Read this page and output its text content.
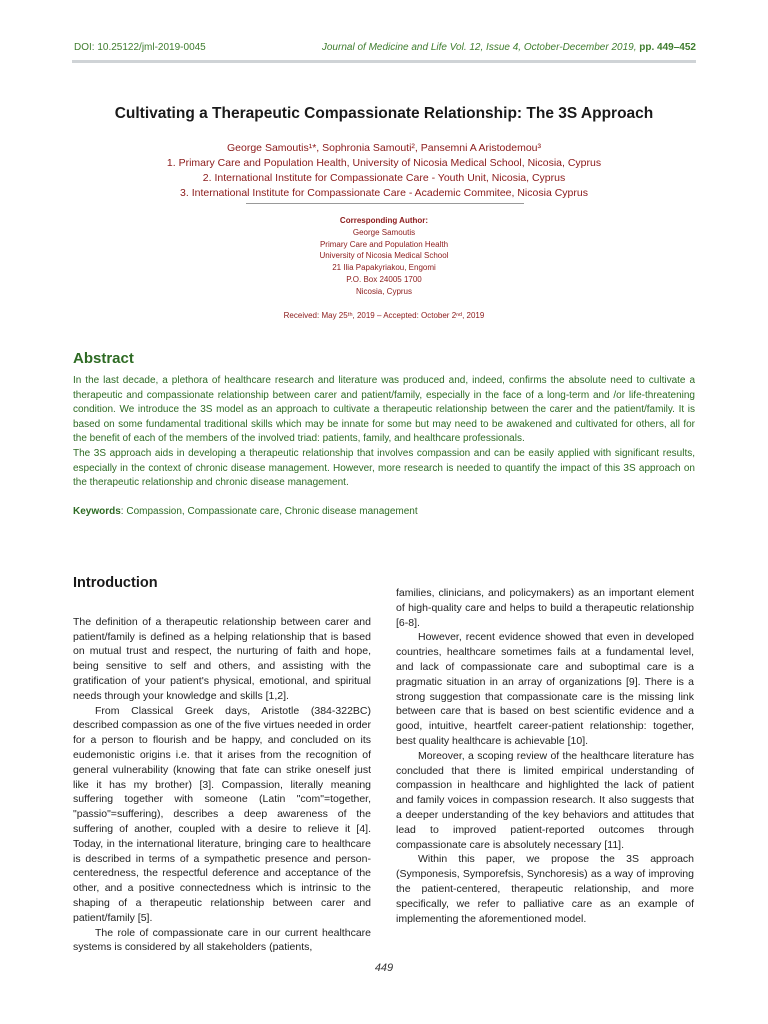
DOI: 10.25122/jml-2019-0045	Journal of Medicine and Life Vol. 12, Issue 4, October-December 2019, pp. 449–452
Cultivating a Therapeutic Compassionate Relationship: The 3S Approach
George Samoutis¹*, Sophronia Samouti², Pansemni A Aristodemou³
1. Primary Care and Population Health, University of Nicosia Medical School, Nicosia, Cyprus
2. International Institute for Compassionate Care - Youth Unit, Nicosia, Cyprus
3. International Institute for Compassionate Care - Academic Commitee, Nicosia Cyprus
Corresponding Author:
George Samoutis
Primary Care and Population Health
University of Nicosia Medical School
21 Ilia Papakyriakou, Engomi
P.O. Box 24005 1700
Nicosia, Cyprus
Received: May 25ᵗʰ, 2019 – Accepted: October 2ⁿᵈ, 2019
Abstract

In the last decade, a plethora of healthcare research and literature was produced and, indeed, confirms the absolute need to cultivate a therapeutic and compassionate relationship between carer and patient/family, especially in the face of a long-term and /or life-threatening condition. We introduce the 3S model as an approach to cultivate a therapeutic relationship between the carer and the patient/family. It is based on some fundamental traditional skills which may be innate for some but may need to be awakened and cultivated for others, all for the benefit of each of the members of the involved triad: patients, family, and healthcare professionals.

The 3S approach aids in developing a therapeutic relationship that involves compassion and can be easily applied with significant results, especially in the context of chronic disease management. However, more research is needed to quantify the impact of this 3S approach on the therapeutic relationship and chronic disease management.

Keywords: Compassion, Compassionate care, Chronic disease management
Introduction

The definition of a therapeutic relationship between carer and patient/family is defined as a helping relationship that is based on mutual trust and respect, the nurturing of faith and hope, being sensitive to self and others, and assisting with the gratification of your patient's physical, emotional, and spiritual needs through your knowledge and skills [1,2].

From Classical Greek days, Aristotle (384-322BC) described compassion as one of the five virtues needed in order for a person to flourish and be happy, and concluded on its eudemonistic origins i.e. that it arises from the recognition of general vulnerability (knowing that fate can strike oneself just like it has my brother) [3]. Compassion, literally meaning suffering together with someone (Latin "com"=together, "passio"=suffering), describes a deep awareness of the suffering of another, coupled with a desire to relieve it [4]. Today, in the international literature, bringing care to healthcare is described in terms of a sympathetic presence and person-centeredness, the respectful deference and acceptance of the other, and a positive connectedness which is intrinsic to the shaping of a therapeutic relationship between carer and patient/family [5].

The role of compassionate care in our current healthcare systems is considered by all stakeholders (patients,

families, clinicians, and policymakers) as an important element of high-quality care and helps to build a therapeutic relationship [6-8].

However, recent evidence showed that even in developed countries, healthcare sometimes fails at a fundamental level, and lack of compassionate care and suboptimal care is a pragmatic situation in an array of organizations [9]. There is a strong suggestion that compassionate care is the missing link between care that is based on best scientific evidence and a good, intuitive, heartfelt career-patient relationship: together, best quality healthcare is achievable [10].

Moreover, a scoping review of the healthcare literature has concluded that there is limited empirical understanding of compassion in healthcare and highlighted the lack of patient and family voices in compassion research. It also suggests that a deeper understanding of the key behaviors and attitudes that lead to improved patient-reported outcomes through compassionate care is absolutely necessary [11].

Within this paper, we propose the 3S approach (Symponesis, Symporefsis, Synchoresis) as a way of improving the patient-centered, therapeutic relationship, and more specifically, we refer to palliative care as an example of implementing the aforementioned model.

449
